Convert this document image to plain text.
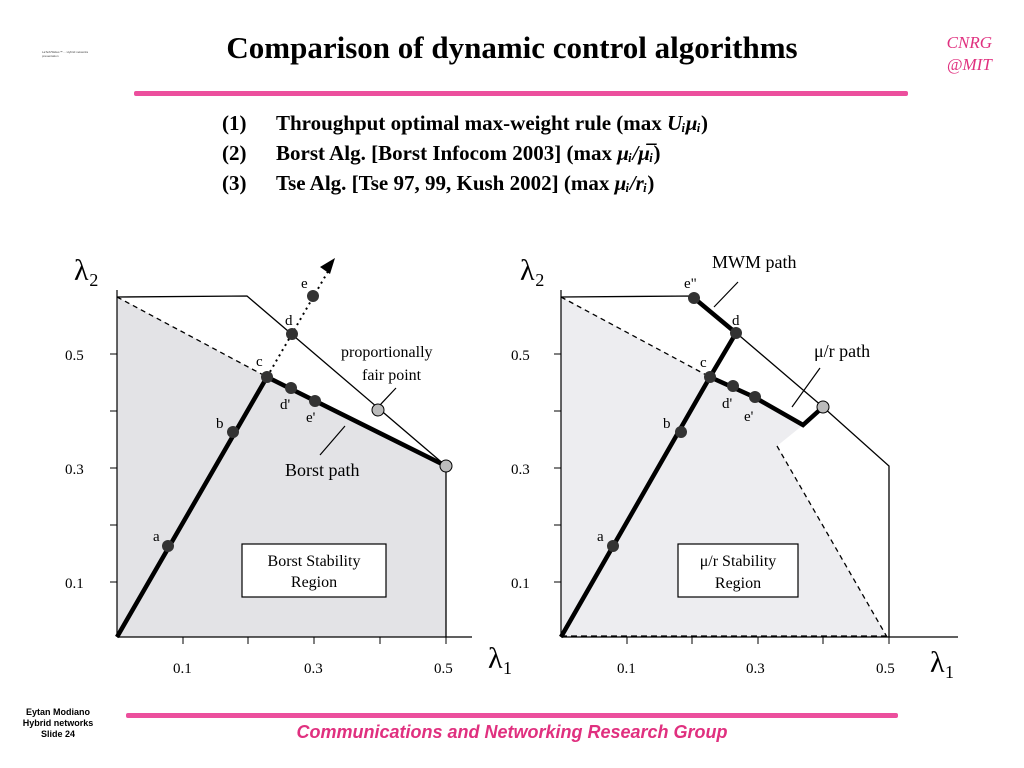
LaTeX/Slides™ ... Hybrid networks presentation	Comparison of dynamic control algorithms	CNRG
@MIT
(1) Throughput optimal max-weight rule (max Uᵢμᵢ)
(2) Borst Alg. [Borst Infocom 2003] (max μᵢ/μ̅ᵢ)
(3) Tse Alg. [Tse 97, 99, Kush 2002] (max μᵢ/rᵢ)
λ₂
λ₁
0.5
0.3
0.1
0.1	0.3	0.5
a
b
c
d
e
d'
e'
proportionally
fair point
Borst path
Borst Stability
Region
λ₂
λ₁
0.5
0.3
0.1
0.1	0.3	0.5
a
b
c
d
e"
d'
e'
MWM path
μ/r path
μ/r Stability
Region
Eytan Modiano
Hybrid networks
Slide 24	Communications and Networking Research Group
